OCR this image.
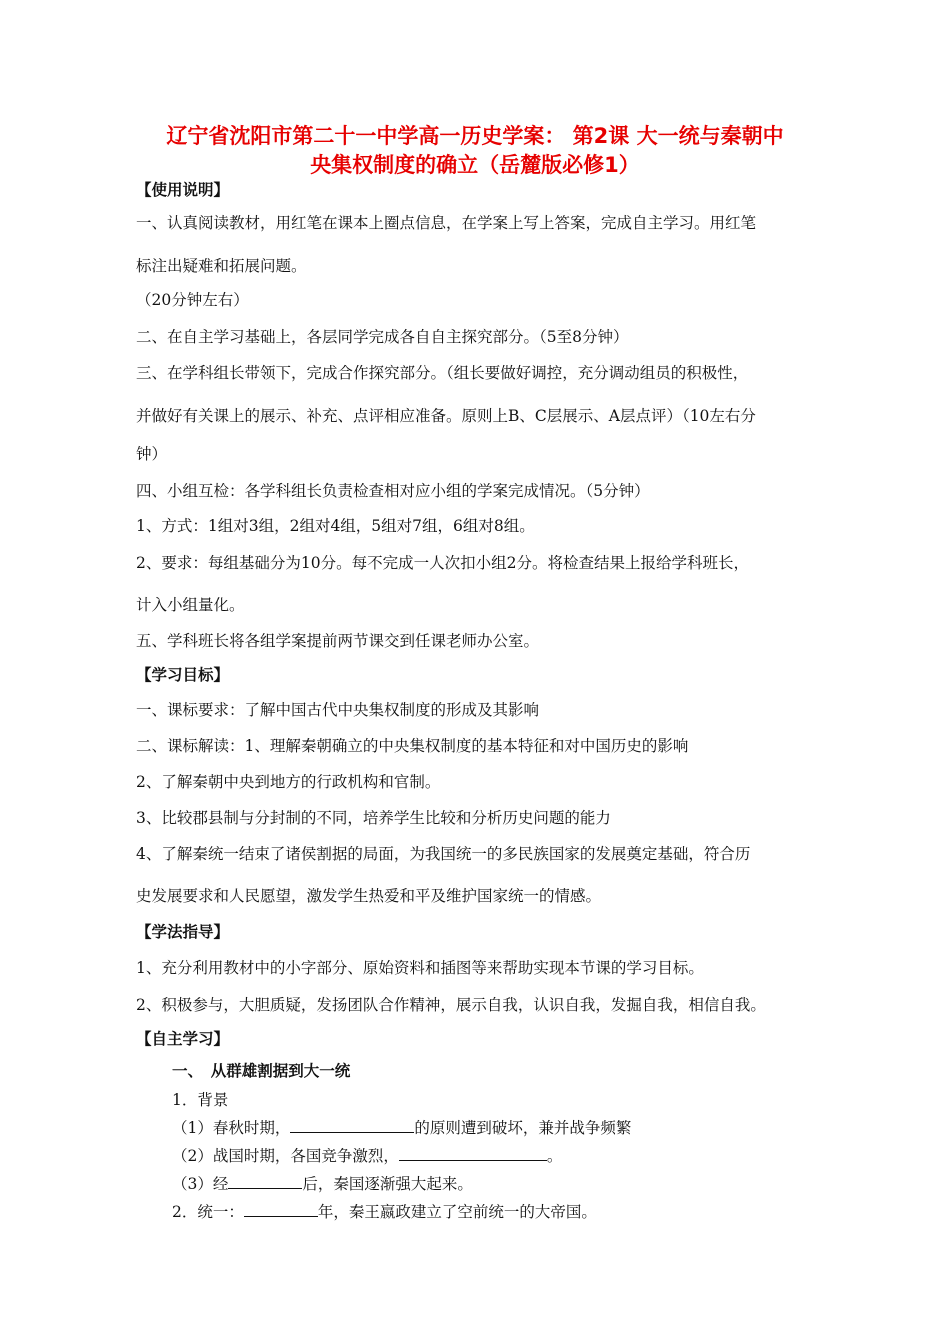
辽宁省沈阳市第二十一中学高一历史学案： 第2课 大一统与秦朝中
央集权制度的确立（岳麓版必修1）
【使用说明】
一、认真阅读教材，用红笔在课本上圈点信息，在学案上写上答案，完成自主学习。用红笔
标注出疑难和拓展问题。
（20分钟左右）
二、在自主学习基础上，各层同学完成各自自主探究部分。（5至8分钟）
三、在学科组长带领下，完成合作探究部分。（组长要做好调控，充分调动组员的积极性，
并做好有关课上的展示、补充、点评相应准备。原则上B、C层展示、A层点评）（10左右分
钟）
四、小组互检：各学科组长负责检查相对应小组的学案完成情况。（5分钟）
1、方式：1组对3组，2组对4组，5组对7组，6组对8组。
2、要求：每组基础分为10分。每不完成一人次扣小组2分。将检查结果上报给学科班长，
计入小组量化。
五、学科班长将各组学案提前两节课交到任课老师办公室。
【学习目标】
一、课标要求：了解中国古代中央集权制度的形成及其影响
二、课标解读：1、理解秦朝确立的中央集权制度的基本特征和对中国历史的影响
2、了解秦朝中央到地方的行政机构和官制。
3、比较郡县制与分封制的不同，培养学生比较和分析历史问题的能力
4、了解秦统一结束了诸侯割据的局面，为我国统一的多民族国家的发展奠定基础，符合历
史发展要求和人民愿望，激发学生热爱和平及维护国家统一的情感。
【学法指导】
1、充分利用教材中的小字部分、原始资料和插图等来帮助实现本节课的学习目标。
2、积极参与，大胆质疑，发扬团队合作精神，展示自我，认识自我，发掘自我，相信自我。
【自主学习】
一、　从群雄割据到大一统
1．背景
（1）春秋时期，	的原则遭到破坏，兼并战争频繁
（2）战国时期，各国竞争激烈，	。
（3）经	后，秦国逐渐强大起来。
2．统一：	年，秦王嬴政建立了空前统一的大帝国。
